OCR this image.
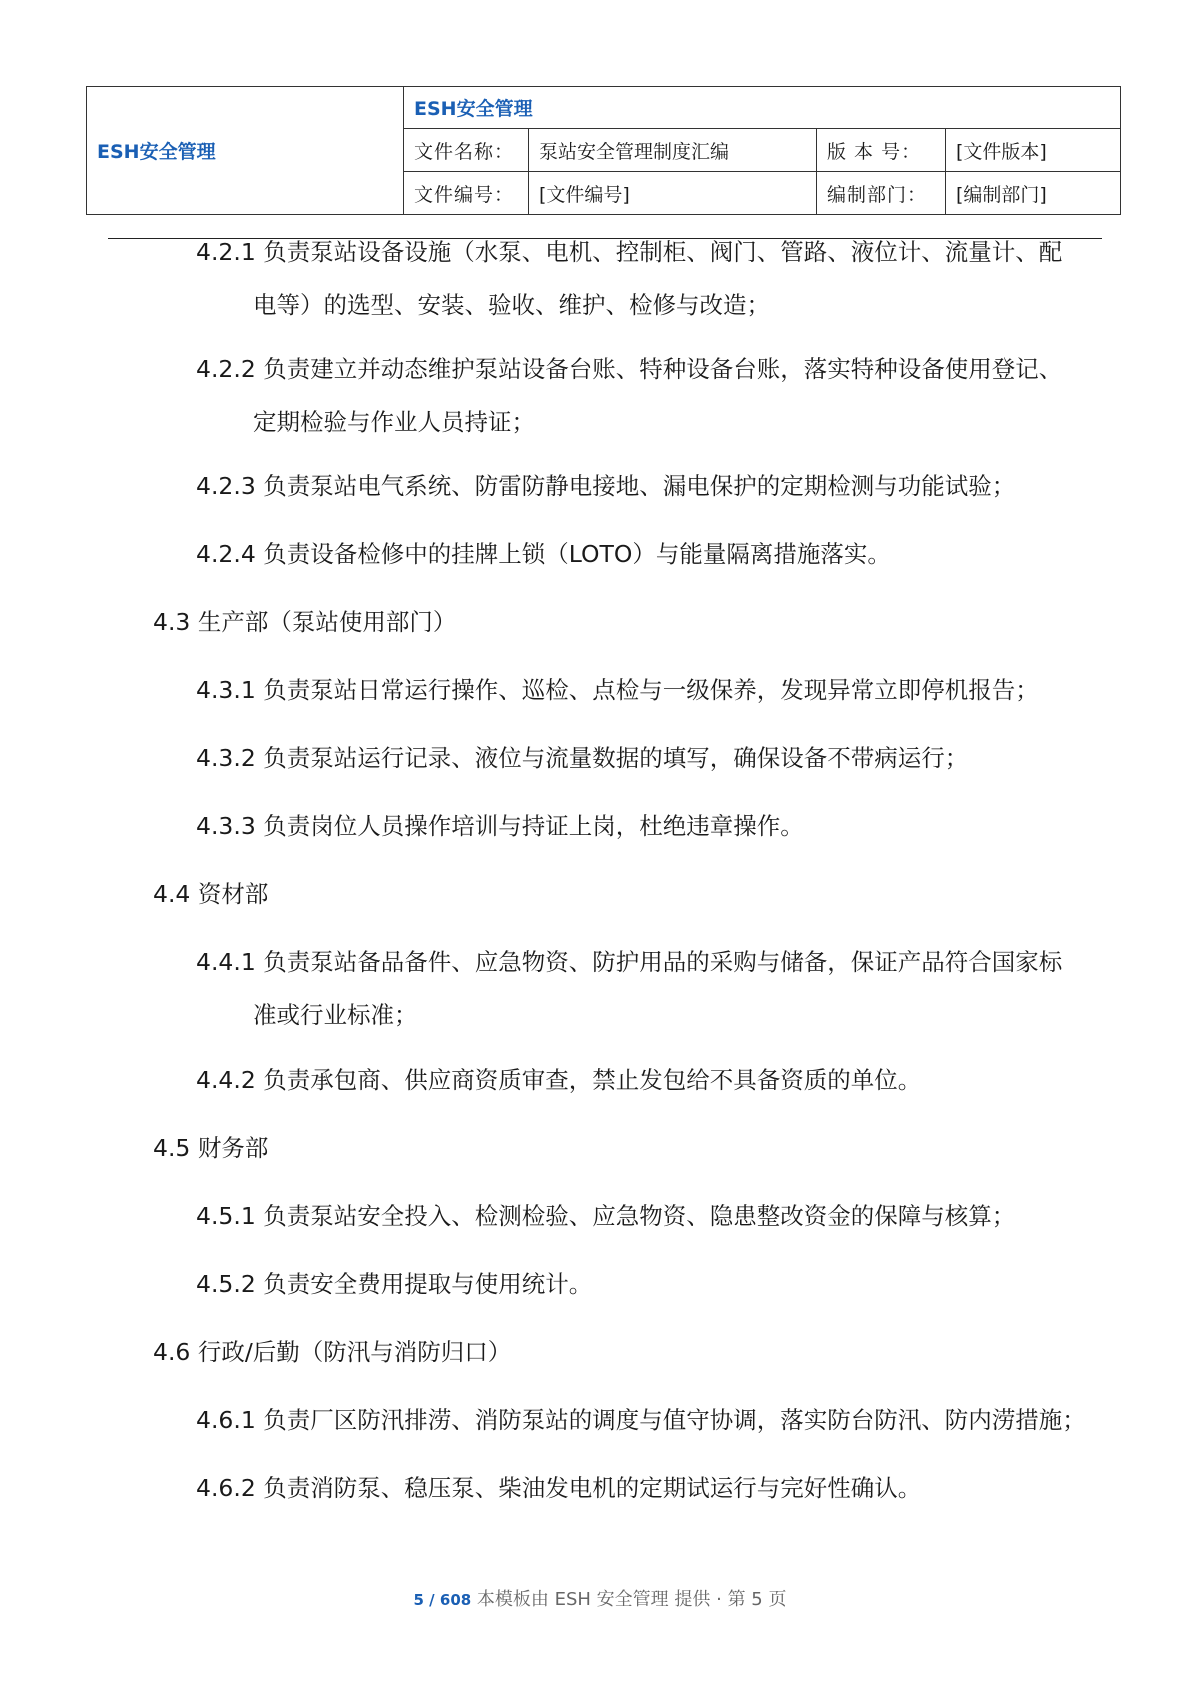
ESH安全管理	ESH安全管理			
	文件名称：	泵站安全管理制度汇编	版 本 号：	[文件版本]
	文件编号：	[文件编号]	编制部门：	[编制部门]
4.2.1 负责泵站设备设施（水泵、电机、控制柜、阀门、管路、液位计、流量计、配
电等）的选型、安装、验收、维护、检修与改造；
4.2.2 负责建立并动态维护泵站设备台账、特种设备台账，落实特种设备使用登记、
定期检验与作业人员持证；
4.2.3 负责泵站电气系统、防雷防静电接地、漏电保护的定期检测与功能试验；
4.2.4 负责设备检修中的挂牌上锁（LOTO）与能量隔离措施落实。
4.3 生产部（泵站使用部门）
4.3.1 负责泵站日常运行操作、巡检、点检与一级保养，发现异常立即停机报告；
4.3.2 负责泵站运行记录、液位与流量数据的填写，确保设备不带病运行；
4.3.3 负责岗位人员操作培训与持证上岗，杜绝违章操作。
4.4 资材部
4.4.1 负责泵站备品备件、应急物资、防护用品的采购与储备，保证产品符合国家标
准或行业标准；
4.4.2 负责承包商、供应商资质审查，禁止发包给不具备资质的单位。
4.5 财务部
4.5.1 负责泵站安全投入、检测检验、应急物资、隐患整改资金的保障与核算；
4.5.2 负责安全费用提取与使用统计。
4.6 行政/后勤（防汛与消防归口）
4.6.1 负责厂区防汛排涝、消防泵站的调度与值守协调，落实防台防汛、防内涝措施；
4.6.2 负责消防泵、稳压泵、柴油发电机的定期试运行与完好性确认。
5 / 608 本模板由 ESH 安全管理 提供 · 第 5 页
